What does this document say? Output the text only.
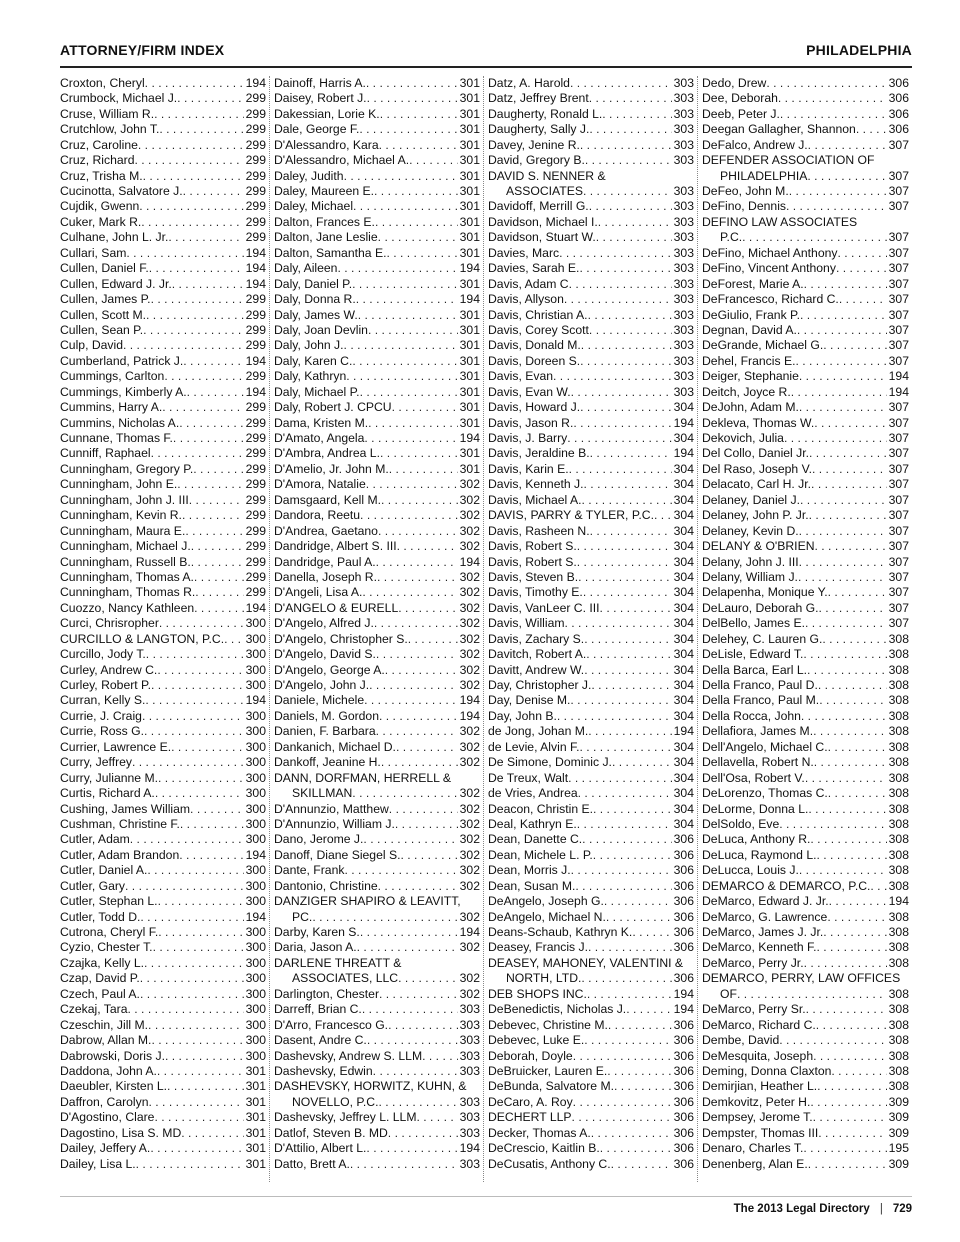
ATTORNEY/FIRM INDEX	PHILADELPHIA
Croxton, Cheryl . . .	194
Crumbock, Michael J. . . .	299
Cruse, William R. . . .	299
Crutchlow, John T. . . .	299
Cruz, Caroline . . .	299
Cruz, Richard . . .	299
Cruz, Trisha M. . . .	299
Cucinotta, Salvatore J. . . .	299
Cujdik, Gwenn . . .	299
Cuker, Mark R. . . .	299
Culhane, John L. Jr. . . .	299
Cullari, Sam . . .	194
Cullen, Daniel F. . . .	194
Cullen, Edward J. Jr. . . .	194
Cullen, James P. . . .	299
Cullen, Scott M. . . .	299
Cullen, Sean P. . . .	299
Culp, David . . .	299
Cumberland, Patrick J. . . .	194
Cummings, Carlton . . .	299
Cummings, Kimberly A. . . .	194
Cummins, Harry A. . . .	299
Cummins, Nicholas A. . . .	299
Cunnane, Thomas F. . . .	299
Cunniff, Raphael . . .	299
Cunningham, Gregory P. . . .	299
Cunningham, John E. . . .	299
Cunningham, John J. III . . .	299
Cunningham, Kevin R. . . .	299
Cunningham, Maura E. . . .	299
Cunningham, Michael J. . . .	299
Cunningham, Russell B. . . .	299
Cunningham, Thomas A. . . .	299
Cunningham, Thomas R. . . .	299
Cuozzo, Nancy Kathleen . . .	194
Curci, Chrisropher . . .	300
CURCILLO & LANGTON, P.C. . . . 300
Curcillo, Jody T. . . .	300
Curley, Andrew C. . . .	300
Curley, Robert P. . . .	300
Curran, Kelly S. . . .	194
Currie, J. Craig . . .	300
Currie, Ross G. . . .	300
Currier, Lawrence E. . . .	300
Curry, Jeffrey . . .	300
Curry, Julianne M. . . .	300
Curtis, Richard A. . . .	300
Cushing, James William . . .	300
Cushman, Christine F. . . .	300
Cutler, Adam . . .	300
Cutler, Adam Brandon . . .	194
Cutler, Daniel A. . . .	300
Cutler, Gary . . .	300
Cutler, Stephan L. . . .	300
Cutler, Todd D. . . .	194
Cutrona, Cheryl F. . . .	300
Cyzio, Chester T. . . .	300
Czajka, Kelly L. . . .	300
Czap, David P. . . .	300
Czech, Paul A. . . .	300
Czekaj, Tara . . .	300
Czeschin, Jill M. . . .	300
Dabrow, Allan M. . . .	300
Dabrowski, Doris J. . . .	300
Daddona, John A. . . .	301
Daeubler, Kirsten L. . . .	301
Daffron, Carolyn . . .	301
D'Agostino, Clare . . .	301
Dagostino, Lisa S. MD . . .	301
Dailey, Jeffery A. . . .	301
Dailey, Lisa L. . . .	301
Dainoff, Harris A. . . .	301
Daisey, Robert J. . . .	301
Dakessian, Lorie K. . . .	301
Dale, George F. . . .	301
D'Alessandro, Kara . . .	301
D'Alessandro, Michael A. . . .	301
Daley, Judith . . .	301
Daley, Maureen E. . . .	301
Daley, Michael . . .	301
Dalton, Frances E. . . .	301
Dalton, Jane Leslie . . .	301
Dalton, Samantha E. . . .	301
Daly, Aileen . . .	194
Daly, Daniel P. . . .	301
Daly, Donna R. . . .	194
Daly, James W. . . .	301
Daly, Joan Devlin . . .	301
Daly, John J. . . .	301
Daly, Karen C. . . .	301
Daly, Kathryn . . .	301
Daly, Michael P. . . .	301
Daly, Robert J. CPCU . . .	301
Dama, Kristen M. . . .	301
D'Amato, Angela . . .	194
D'Ambra, Andrea L. . . .	301
D'Amelio, Jr. John M. . . .	301
D'Amora, Natalie . . .	302
Damsgaard, Kell M. . . .	302
Dandora, Reetu . . .	302
D'Andrea, Gaetano . . .	302
Dandridge, Albert S. III . . .	302
Dandridge, Paul A. . . .	194
Danella, Joseph R. . . .	302
D'Angeli, Lisa A. . . .	302
D'ANGELO & EURELL . . .	302
D'Angelo, Alfred J. . . .	302
D'Angelo, Christopher S. . . .	302
D'Angelo, David S. . . .	302
D'Angelo, George A. . . .	302
D'Angelo, John J. . . .	302
Daniele, Michele . . .	194
Daniels, M. Gordon . . .	194
Danien, F. Barbara . . .	302
Dankanich, Michael D. . . .	302
Dankoff, Jeanine H. . . .	302
DANN, DORFMAN, HERRELL &
SKILLMAN . . .	302
D'Annunzio, Matthew . . .	302
D'Annunzio, William J. . . .	302
Dano, Jerome J. . . .	302
Danoff, Diane Siegel S. . . .	302
Dante, Frank . . .	302
Dantonio, Christine . . .	302
DANZIGER SHAPIRO & LEAVITT,
PC. . . .	302
Darby, Karen S. . . .	194
Daria, Jason A. . . .	302
DARLENE THREATT &
ASSOCIATES, LLC . . .	302
Darlington, Chester . . .	302
Darreff, Brian C. . . .	303
D'Arro, Francesco G. . . .	303
Dasent, Andre C. . . .	303
Dashevsky, Andrew S. LLM . . .	303
Dashevsky, Edwin . . .	303
DASHEVSKY, HORWITZ, KUHN, &
NOVELLO, P.C. . . .	303
Dashevsky, Jeffrey L. LLM . . .	303
Datlof, Steven B. MD . . .	303
D'Attilio, Albert L. . . .	194
Datto, Brett A. . . .	303
Datz, A. Harold . . .	303
Datz, Jeffrey Brent . . .	303
Daugherty, Ronald L. . . .	303
Daugherty, Sally J. . . .	303
Davey, Jenine R. . . .	303
David, Gregory B. . . .	303
DAVID S. NENNER &
ASSOCIATES . . .	303
Davidoff, Merrill G. . . .	303
Davidson, Michael I. . . .	303
Davidson, Stuart W. . . .	303
Davies, Marc . . .	303
Davies, Sarah E. . . .	303
Davis, Adam C . . .	303
Davis, Allyson . . .	303
Davis, Christian A. . . .	303
Davis, Corey Scott . . .	303
Davis, Donald M. . . .	303
Davis, Doreen S. . . .	303
Davis, Evan . . .	303
Davis, Evan W. . . .	303
Davis, Howard J. . . .	304
Davis, Jason R. . . .	194
Davis, J. Barry . . .	304
Davis, Jeraldine B. . . .	194
Davis, Karin E. . . .	304
Davis, Kenneth J. . . .	304
Davis, Michael A. . . .	304
DAVIS, PARRY & TYLER, P.C. . . . 304
Davis, Rasheen N. . . .	304
Davis, Robert S. . . .	304
Davis, Robert S. . . .	304
Davis, Steven B. . . .	304
Davis, Timothy E. . . .	304
Davis, VanLeer C. III . . .	304
Davis, William . . .	304
Davis, Zachary S. . . .	304
Davitch, Robert A. . . .	304
Davitt, Andrew W. . . .	304
Day, Christopher J. . . .	304
Day, Denise M. . . .	304
Day, John B. . . .	304
de Jong, Johan M. . . .	194
de Levie, Alvin F. . . .	304
De Simone, Dominic J. . . .	304
De Treux, Walt . . .	304
de Vries, Andrea . . .	304
Deacon, Christin E. . . .	304
Deal, Kathryn E. . . .	304
Dean, Danette C. . . .	306
Dean, Michele L. P. . . .	306
Dean, Morris J. . . .	306
Dean, Susan M. . . .	306
DeAngelo, Joseph G. . . .	306
DeAngelo, Michael N. . . .	306
Deans-Schaub, Kathryn K. . . .	306
Deasey, Francis J. . . .	306
DEASEY, MAHONEY, VALENTINI &
NORTH, LTD. . . .	306
DEB SHOPS INC. . . .	194
DeBenedictis, Nicholas J. . . .	194
Debevec, Christine M. . . .	306
Debevec, Luke E. . . .	306
Deborah, Doyle . . .	306
DeBruicker, Lauren E. . . .	306
DeBunda, Salvatore M. . . .	306
DeCaro, A. Roy . . .	306
DECHERT LLP . . .	306
Decker, Thomas A. . . .	306
DeCrescio, Kaitlin B. . . .	306
DeCusatis, Anthony C. . . .	306
Dedo, Drew . . .	306
Dee, Deborah . . .	306
Deeb, Peter J. . . .	306
Deegan Gallagher, Shannon . . .	306
DeFalco, Andrew J. . . .	307
DEFENDER ASSOCIATION OF
PHILADELPHIA . . .	307
DeFeo, John M. . . .	307
DeFino, Dennis . . .	307
DEFINO LAW ASSOCIATES
P.C. . . .	307
DeFino, Michael Anthony . . .	307
DeFino, Vincent Anthony . . .	307
DeForest, Marie A. . . .	307
DeFrancesco, Richard C. . . .	307
DeGiulio, Frank P. . . .	307
Degnan, David A. . . .	307
DeGrande, Michael G. . . .	307
Dehel, Francis E. . . .	307
Deiger, Stephanie . . .	194
Deitch, Joyce R. . . .	194
DeJohn, Adam M. . . .	307
Dekleva, Thomas W. . . .	307
Dekovich, Julia . . .	307
Del Collo, Daniel Jr. . . .	307
Del Raso, Joseph V. . . .	307
Delacato, Carl H. Jr. . . .	307
Delaney, Daniel J. . . .	307
Delaney, John P. Jr. . . .	307
Delaney, Kevin D. . . .	307
DELANY & O'BRIEN . . .	307
Delany, John J. III . . .	307
Delany, William J. . . .	307
Delapenha, Monique Y. . . .	307
DeLauro, Deborah G. . . .	307
DelBello, James E. . . .	307
Delehey, C. Lauren G. . . .	308
DeLisle, Edward T. . . .	308
Della Barca, Earl L. . . .	308
Della Franco, Paul D. . . .	308
Della Franco, Paul M. . . .	308
Della Rocca, John . . .	308
Dellafiora, James M. . . .	308
Dell'Angelo, Michael C. . . .	308
Dellavella, Robert N. . . .	308
Dell'Osa, Robert V. . . .	308
DeLorenzo, Thomas C. . . .	308
DeLorme, Donna L. . . .	308
DelSoldo, Eve . . .	308
DeLuca, Anthony R. . . .	308
DeLuca, Raymond L. . . .	308
DeLucca, Louis J. . . .	308
DEMARCO & DEMARCO, P.C. . . . 308
DeMarco, Edward J. Jr. . . .	194
DeMarco, G. Lawrence . . .	308
DeMarco, James J. Jr. . . .	308
DeMarco, Kenneth F. . . .	308
DeMarco, Perry Jr. . . .	308
DEMARCO, PERRY, LAW OFFICES
OF . . .	308
DeMarco, Perry Sr. . . .	308
DeMarco, Richard C. . . .	308
Dembe, David . . .	308
DeMesquita, Joseph . . .	308
Deming, Donna Claxton . . .	308
Demirjian, Heather L. . . .	308
Demkovitz, Peter H. . . .	309
Dempsey, Jerome T. . . .	309
Dempster, Thomas III . . .	309
Denaro, Charles T. . . .	195
Denenberg, Alan E. . . .	309
The 2013 Legal Directory | 729
